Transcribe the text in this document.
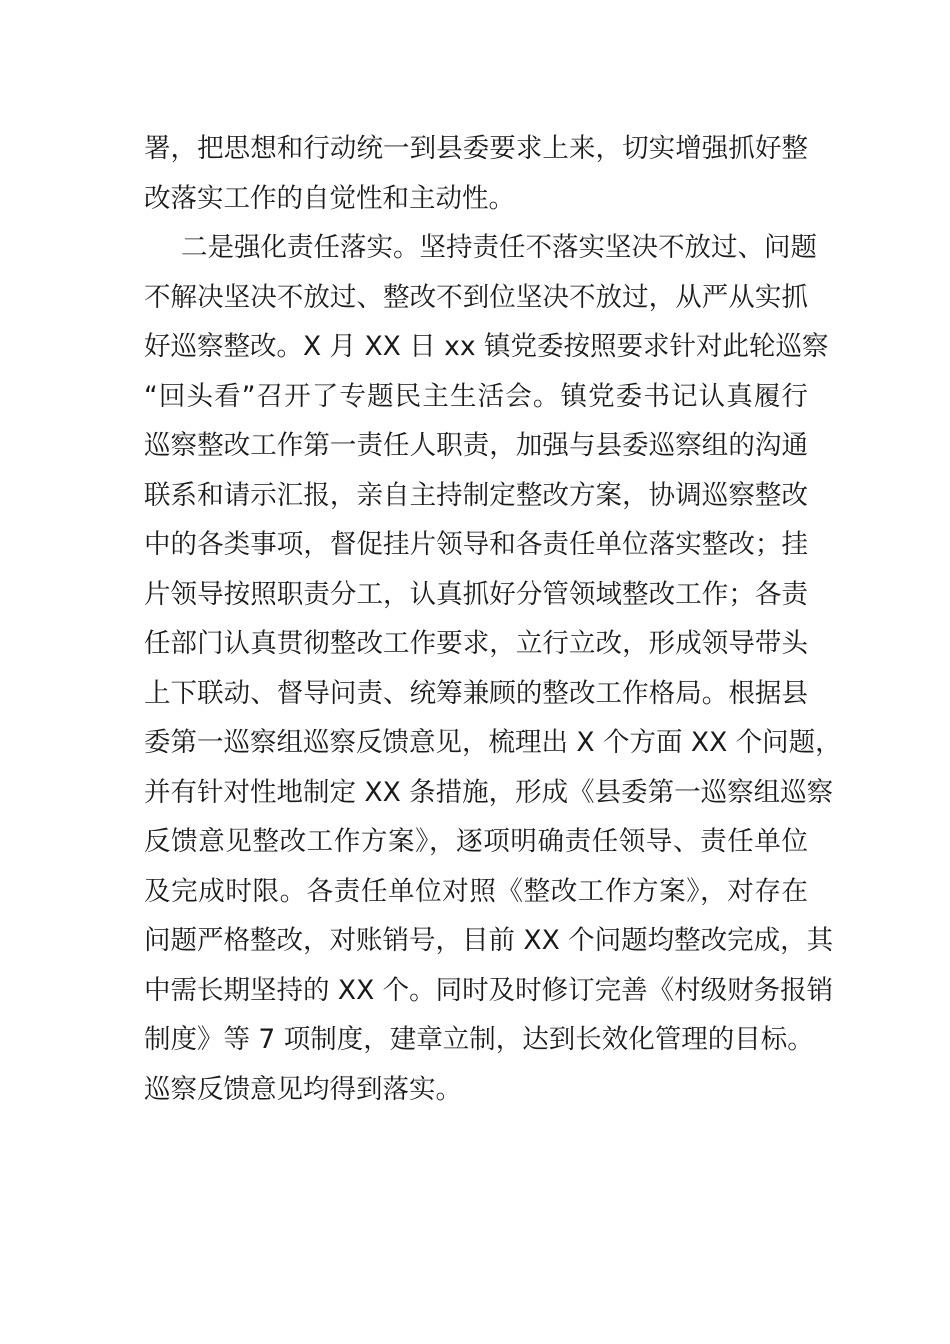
署，把思想和行动统一到县委要求上来，切实增强抓好整
改落实工作的自觉性和主动性。
二是强化责任落实。坚持责任不落实坚决不放过、问题
不解决坚决不放过、整改不到位坚决不放过，从严从实抓
好巡察整改。X 月 XX 日 xx 镇党委按照要求针对此轮巡察
“回头看”召开了专题民主生活会。镇党委书记认真履行
巡察整改工作第一责任人职责，加强与县委巡察组的沟通
联系和请示汇报，亲自主持制定整改方案，协调巡察整改
中的各类事项，督促挂片领导和各责任单位落实整改；挂
片领导按照职责分工，认真抓好分管领域整改工作；各责
任部门认真贯彻整改工作要求，立行立改，形成领导带头
上下联动、督导问责、统筹兼顾的整改工作格局。根据县
委第一巡察组巡察反馈意见，梳理出 X 个方面 XX 个问题，
并有针对性地制定 XX 条措施，形成《县委第一巡察组巡察
反馈意见整改工作方案》，逐项明确责任领导、责任单位
及完成时限。各责任单位对照《整改工作方案》，对存在
问题严格整改，对账销号，目前 XX 个问题均整改完成，其
中需长期坚持的 XX 个。同时及时修订完善《村级财务报销
制度》等 7 项制度，建章立制，达到长效化管理的目标。
巡察反馈意见均得到落实。
